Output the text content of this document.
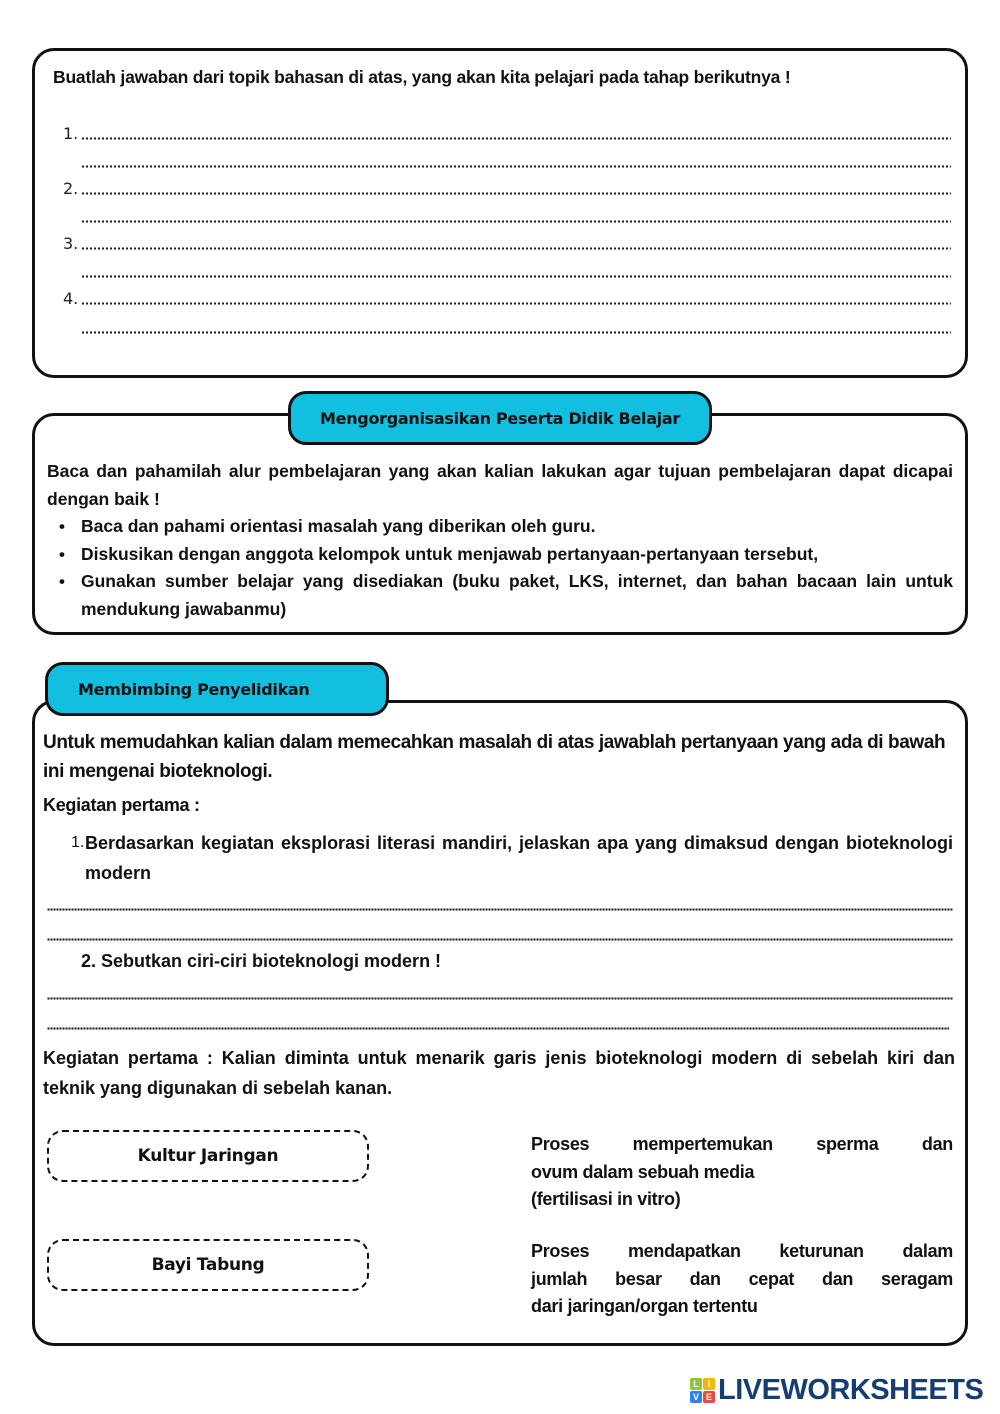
Buatlah jawaban dari topik bahasan di atas, yang akan kita pelajari pada tahap berikutnya !
1.
2.
3.
4.

Baca dan pahamilah alur pembelajaran yang akan kalian lakukan agar tujuan pembelajaran dapat dicapai dengan baik !

• Baca dan pahami orientasi masalah yang diberikan oleh guru.
• Diskusikan dengan anggota kelompok untuk menjawab pertanyaan-pertanyaan tersebut,
• Gunakan sumber belajar yang disediakan (buku paket, LKS, internet, dan bahan bacaan lain untuk mendukung jawabanmu)
Mengorganisasikan Peserta Didik Belajar
Untuk memudahkan kalian dalam memecahkan masalah di atas jawablah pertanyaan yang ada di bawah ini mengenai bioteknologi.
Kegiatan pertama :
1. Berdasarkan kegiatan eksplorasi literasi mandiri, jelaskan apa yang dimaksud dengan bioteknologi modern
2. Sebutkan ciri-ciri bioteknologi modern !
Kegiatan pertama : Kalian diminta untuk menarik garis jenis bioteknologi modern di sebelah kiri dan teknik yang digunakan di sebelah kanan.
Kultur Jaringan
Bayi Tabung
Proses mempertemukan sperma dan
ovum dalam sebuah media
(fertilisasi in vitro)
Proses mendapatkan keturunan dalam
jumlah besar dan cepat dan seragam
dari jaringan/organ tertentu
Membimbing Penyelidikan
L I
V E LIVEWORKSHEETS
